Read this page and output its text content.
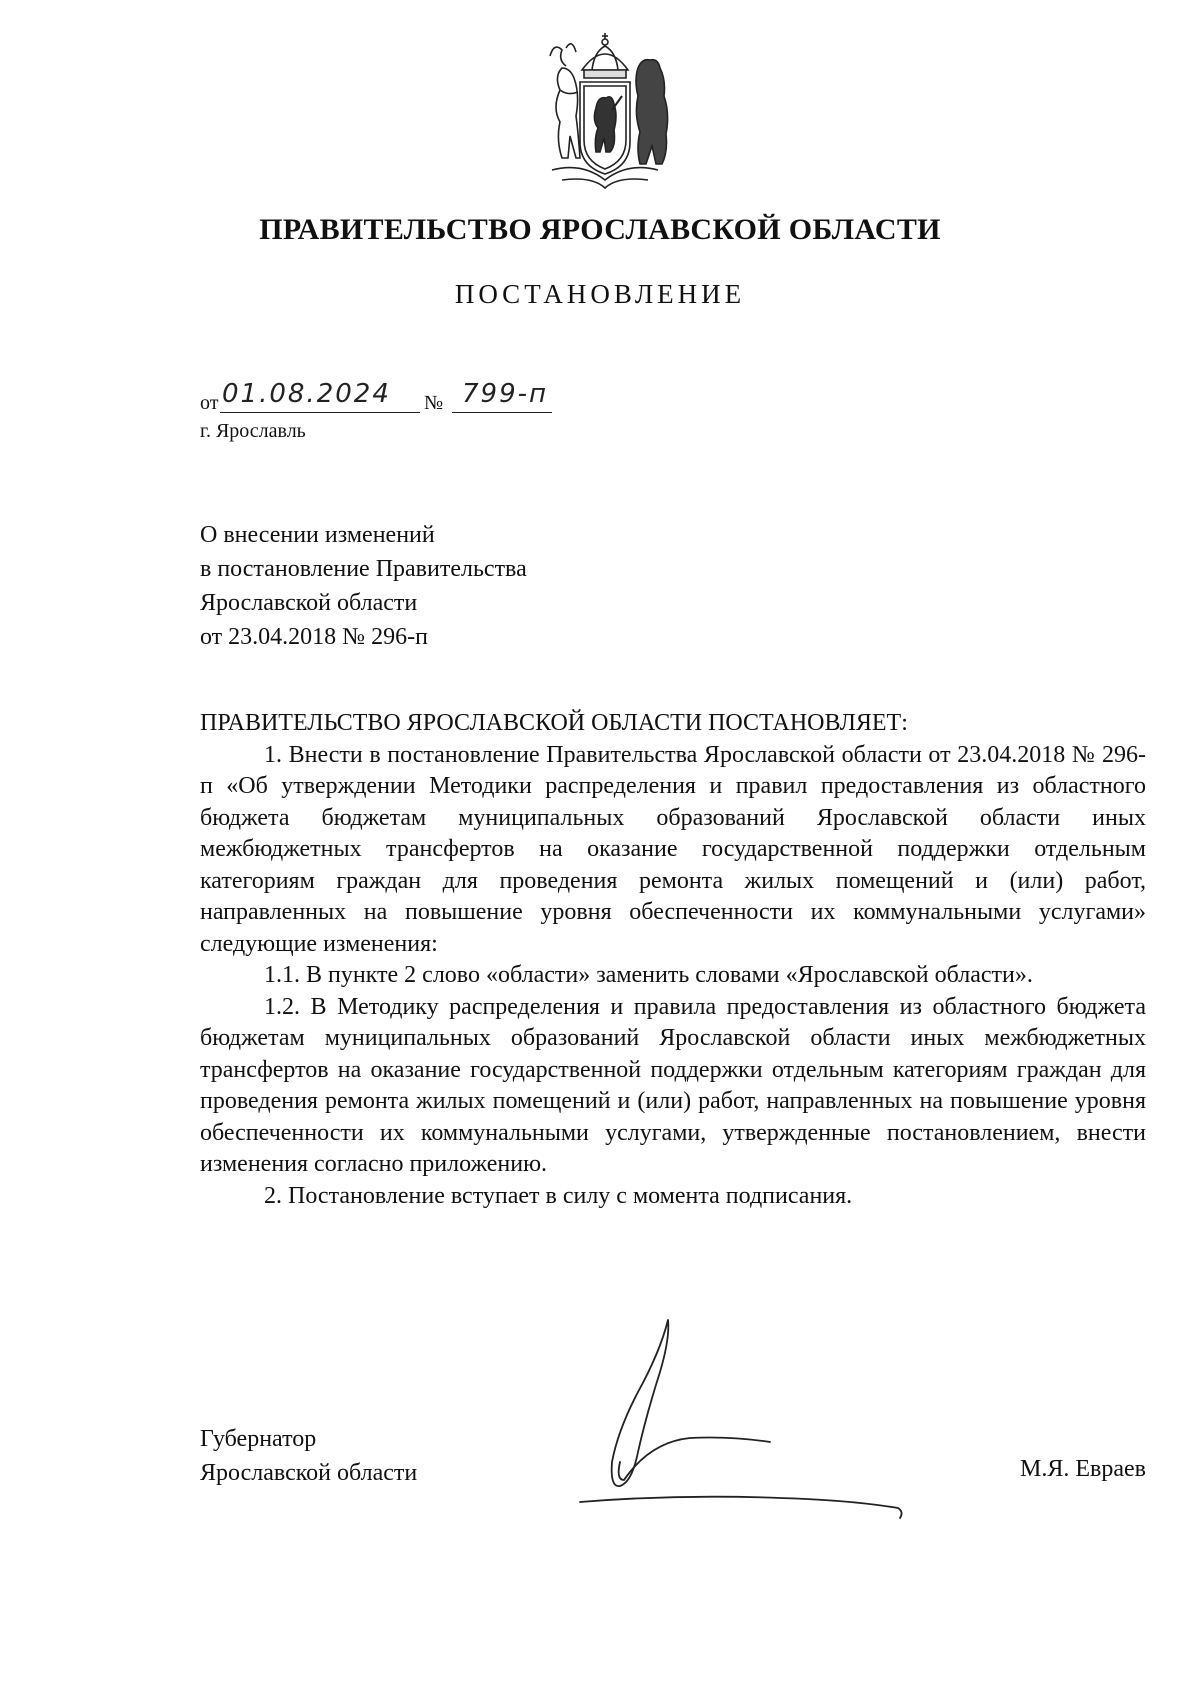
ПРАВИТЕЛЬСТВО ЯРОСЛАВСКОЙ ОБЛАСТИ
ПОСТАНОВЛЕНИЕ
от 01.08.2024 № 799-п
г. Ярославль
О внесении изменений
в постановление Правительства
Ярославской области
от 23.04.2018 № 296-п

ПРАВИТЕЛЬСТВО ЯРОСЛАВСКОЙ ОБЛАСТИ ПОСТАНОВЛЯЕТ:

1. Внести в постановление Правительства Ярославской области от 23.04.2018 № 296-п «Об утверждении Методики распределения и правил предоставления из областного бюджета бюджетам муниципальных образований Ярославской области иных межбюджетных трансфертов на оказание государственной поддержки отдельным категориям граждан для проведения ремонта жилых помещений и (или) работ, направленных на повышение уровня обеспеченности их коммунальными услугами» следующие изменения:

1.1. В пункте 2 слово «области» заменить словами «Ярославской области».

1.2. В Методику распределения и правила предоставления из областного бюджета бюджетам муниципальных образований Ярославской области иных межбюджетных трансфертов на оказание государственной поддержки отдельным категориям граждан для проведения ремонта жилых помещений и (или) работ, направленных на повышение уровня обеспеченности их коммунальными услугами, утвержденные постановлением, внести изменения согласно приложению.

2. Постановление вступает в силу с момента подписания.

Губернатор
Ярославской области	М.Я. Евраев
